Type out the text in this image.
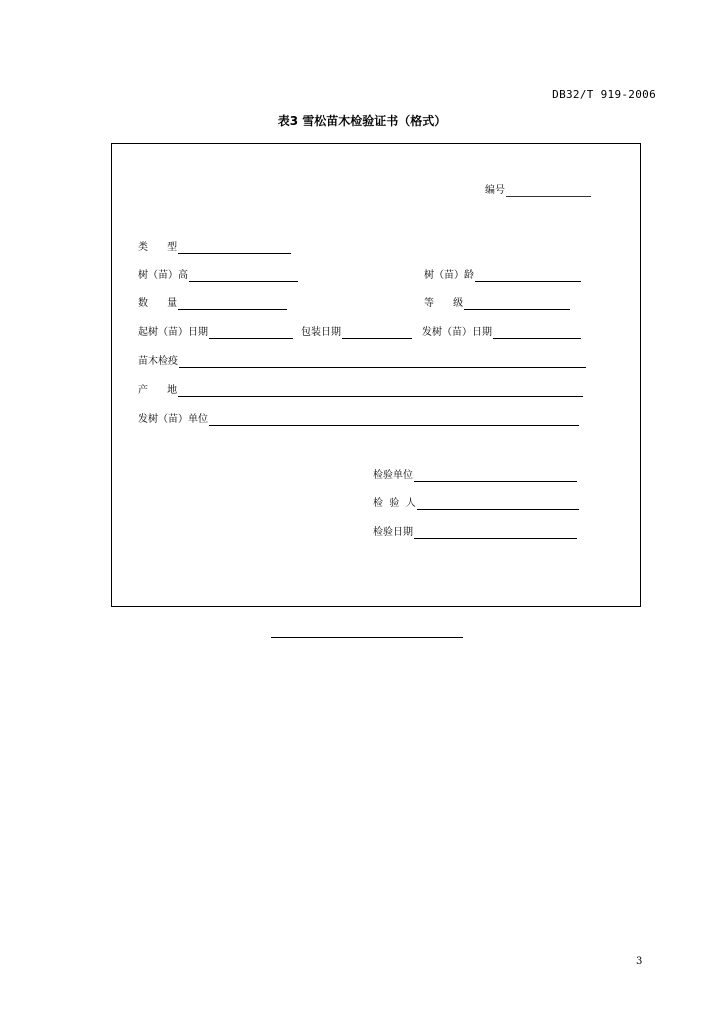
DB32/T 919-2006
表3 雪松苗木检验证书（格式）
编号
类      型
树（苗）高	树（苗）龄
数      量	等      级
起树（苗）日期	包装日期	发树（苗）日期
苗木检疫
产      地
发树（苗）单位
检验单位
检  验  人
检验日期
3
